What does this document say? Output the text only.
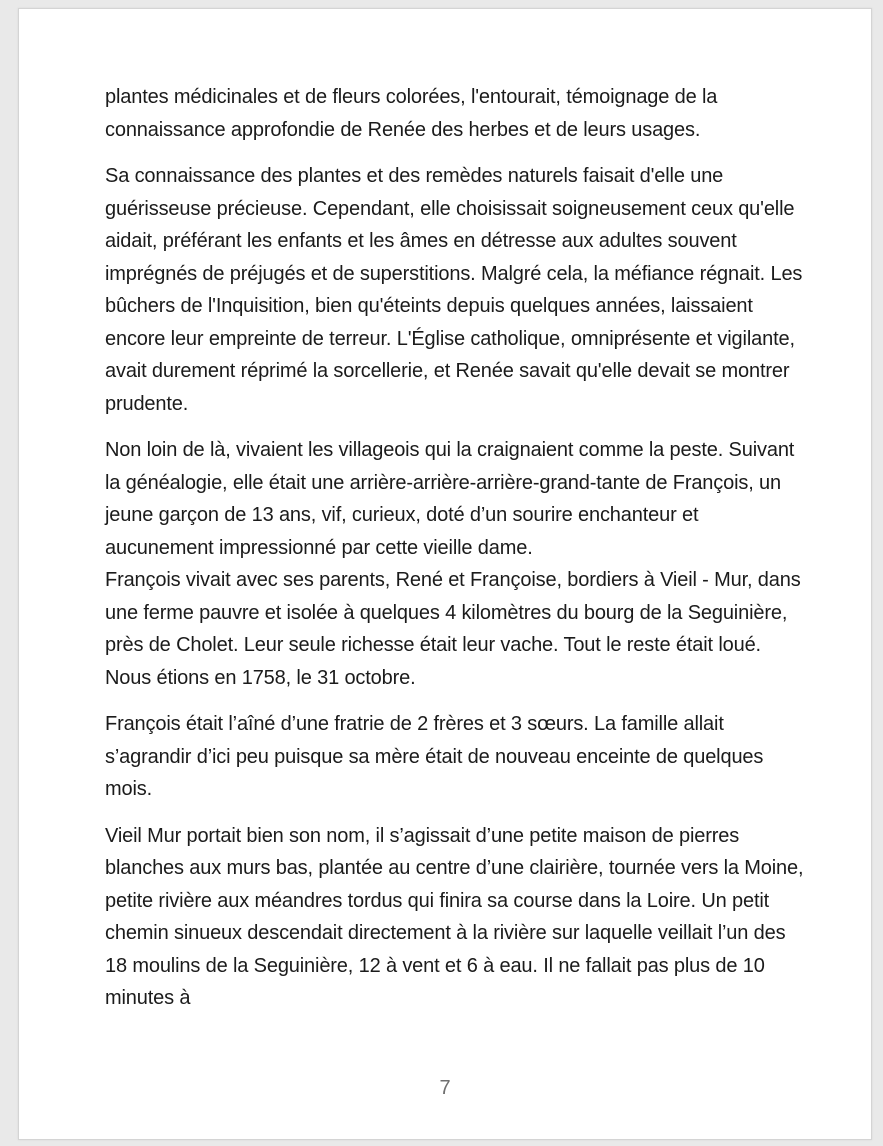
plantes médicinales et de fleurs colorées, l'entourait, témoignage de la connaissance approfondie de Renée des herbes et de leurs usages.

Sa connaissance des plantes et des remèdes naturels faisait d'elle une guérisseuse précieuse. Cependant, elle choisissait soigneusement ceux qu'elle aidait, préférant les enfants et les âmes en détresse aux adultes souvent imprégnés de préjugés et de superstitions. Malgré cela, la méfiance régnait. Les bûchers de l'Inquisition, bien qu'éteints depuis quelques années, laissaient encore leur empreinte de terreur. L'Église catholique, omniprésente et vigilante, avait durement réprimé la sorcellerie, et Renée savait qu'elle devait se montrer prudente.

Non loin de là, vivaient les villageois qui la craignaient comme la peste. Suivant la généalogie, elle était une arrière-arrière-arrière-grand-tante de François, un jeune garçon de 13 ans, vif, curieux, doté d’un sourire enchanteur et aucunement impressionné par cette vieille dame.

François vivait avec ses parents, René et Françoise, bordiers à Vieil - Mur, dans une ferme pauvre et isolée à quelques 4 kilomètres du bourg de la Seguinière, près de Cholet. Leur seule richesse était leur vache. Tout le reste était loué. Nous étions en 1758, le 31 octobre.

François était l’aîné d’une fratrie de 2 frères et 3 sœurs. La famille allait s’agrandir d’ici peu puisque sa mère était de nouveau enceinte de quelques mois.

Vieil Mur portait bien son nom, il s’agissait d’une petite maison de pierres blanches aux murs bas, plantée au centre d’une clairière, tournée vers la Moine, petite rivière aux méandres tordus qui finira sa course dans la Loire. Un petit chemin sinueux descendait directement à la rivière sur laquelle veillait l’un des 18 moulins de la Seguinière, 12 à vent et 6 à eau. Il ne fallait pas plus de 10 minutes à

7
